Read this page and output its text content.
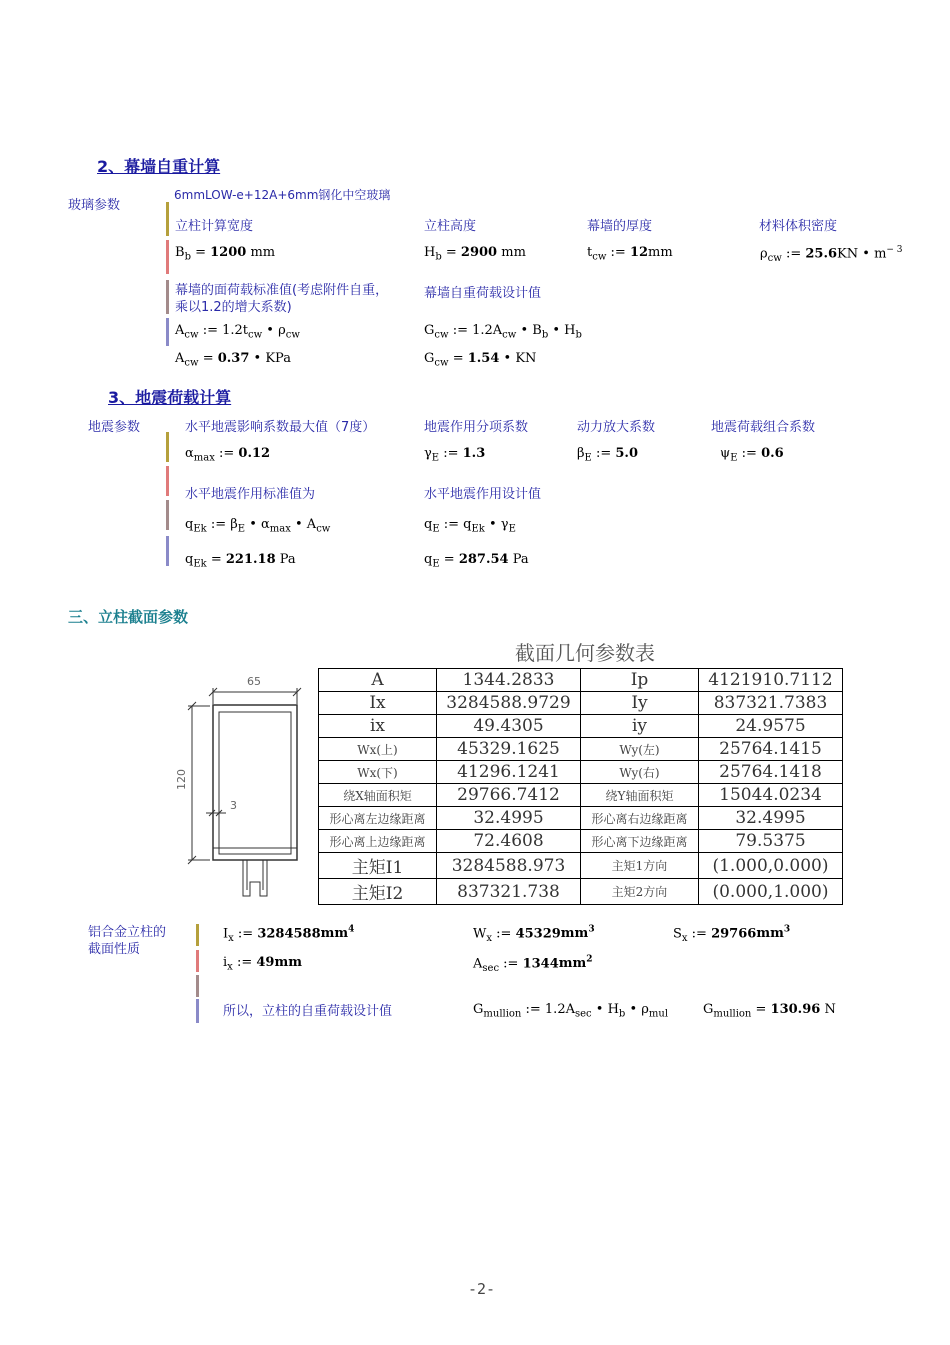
2、幕墙自重计算
玻璃参数
6mmLOW-e+12A+6mm钢化中空玻璃
立柱计算宽度	立柱高度	幕墙的厚度	材料体积密度
$B_b = 1200$ mm	$H_b = 2900$ mm	$t_{cw}$ := 12mm	$\rho_{cw}$ := 25.6KN • $m^{- 3}$
幕墙的面荷载标准值(考虑附件自重，乘以1.2的增大系数)
幕墙自重荷载设计值
$A_{cw}$ := $1.2t_{cw}$ • $\rho_{cw}$	$G_{cw}$ := $1.2A_{cw}$ • $B_b$ • $H_b$
$A_{cw} = 0.37$ • KPa	$G_{cw} = 1.54$ • KN
3、地震荷载计算
地震参数	水平地震影响系数最大值（7度）	地震作用分项系数	动力放大系数	地震荷载组合系数
$\alpha_{max}$ := 0.12	$\gamma_E$ := 1.3	$\beta_E$ := 5.0	$\psi_E$ := 0.6
水平地震作用标准值为	水平地震作用设计值
$q_{Ek}$ := $\beta_E$ • $\alpha_{max}$ • $A_{cw}$	$q_E$ := $q_{Ek}$ • $\gamma_E$
$q_{Ek} = 221.18$ Pa	$q_E = 287.54$ Pa
三、立柱截面参数
截面几何参数表
65
120
3
A	1344.2833	Ip	4121910.7112
Ix	3284588.9729	Iy	837321.7383
ix	49.4305	iy	24.9575
Wx(上)	45329.1625	Wy(左)	25764.1415
Wx(下)	41296.1241	Wy(右)	25764.1418
绕X轴面积矩	29766.7412	绕Y轴面积矩	15044.0234
形心离左边缘距离	32.4995	形心离右边缘距离	32.4995
形心离上边缘距离	72.4608	形心离下边缘距离	79.5375
主矩I1	3284588.973	主矩1方向	(1.000,0.000)
主矩I2	837321.738	主矩2方向	(0.000,1.000)
铝合金立柱的截面性质
$I_x$ := $3284588mm^4$	$W_x$ := $45329mm^3$	$S_x$ := $29766mm^3$
$i_x$ := 49mm	$A_{sec}$ := $1344mm^2$
所以，立柱的自重荷载设计值	$G_{mullion}$ := $1.2A_{sec}$ • $H_b$ • $\rho_{mul}$	$G_{mullion} = 130.96$ N
-2-
